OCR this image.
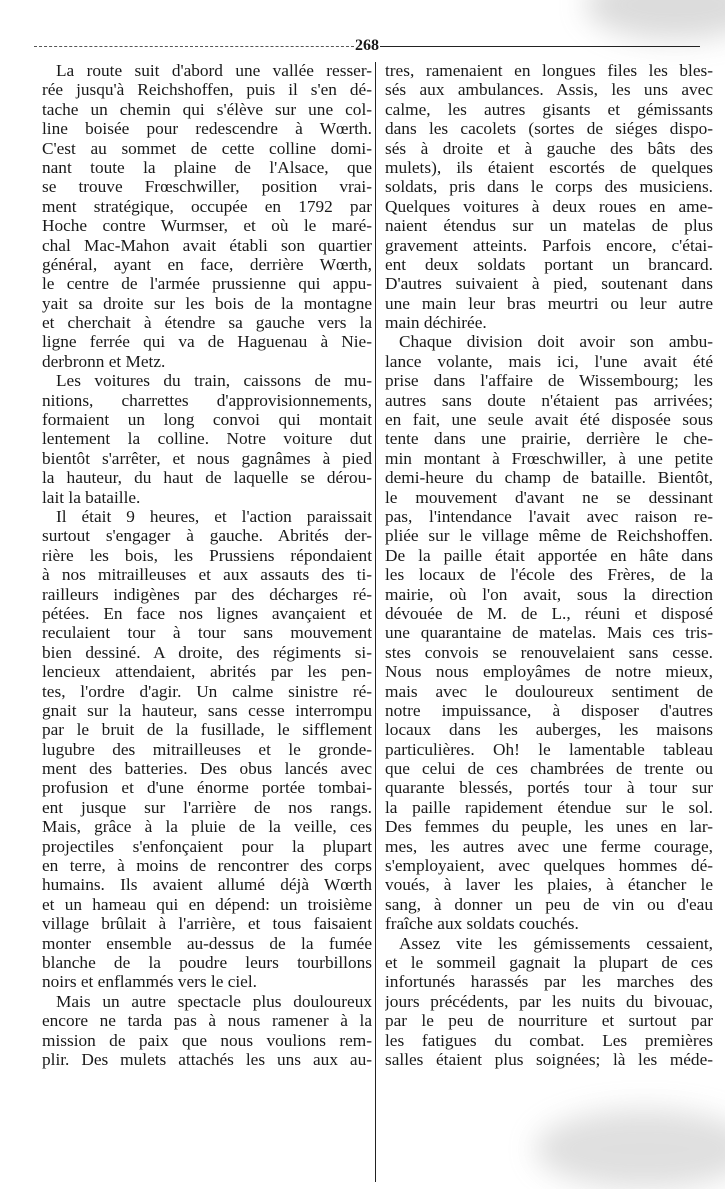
268
La route suit d'abord une vallée resser-
rée jusqu'à Reichshoffen, puis il s'en dé-
tache un chemin qui s'élève sur une col-
line boisée pour redescendre à Wœrth.
C'est au sommet de cette colline domi-
nant toute la plaine de l'Alsace, que
se trouve Frœschwiller, position vrai-
ment stratégique, occupée en 1792 par
Hoche contre Wurmser, et où le maré-
chal Mac-Mahon avait établi son quartier
général, ayant en face, derrière Wœrth,
le centre de l'armée prussienne qui appu-
yait sa droite sur les bois de la montagne
et cherchait à étendre sa gauche vers la
ligne ferrée qui va de Haguenau à Nie-
derbronn et Metz.
Les voitures du train, caissons de mu-
nitions, charrettes d'approvisionnements,
formaient un long convoi qui montait
lentement la colline. Notre voiture dut
bientôt s'arrêter, et nous gagnâmes à pied
la hauteur, du haut de laquelle se dérou-
lait la bataille.
Il était 9 heures, et l'action paraissait
surtout s'engager à gauche. Abrités der-
rière les bois, les Prussiens répondaient
à nos mitrailleuses et aux assauts des ti-
railleurs indigènes par des décharges ré-
pétées. En face nos lignes avançaient et
reculaient tour à tour sans mouvement
bien dessiné. A droite, des régiments si-
lencieux attendaient, abrités par les pen-
tes, l'ordre d'agir. Un calme sinistre ré-
gnait sur la hauteur, sans cesse interrompu
par le bruit de la fusillade, le sifflement
lugubre des mitrailleuses et le gronde-
ment des batteries. Des obus lancés avec
profusion et d'une énorme portée tombai-
ent jusque sur l'arrière de nos rangs.
Mais, grâce à la pluie de la veille, ces
projectiles s'enfonçaient pour la plupart
en terre, à moins de rencontrer des corps
humains. Ils avaient allumé déjà Wœrth
et un hameau qui en dépend: un troisième
village brûlait à l'arrière, et tous faisaient
monter ensemble au-dessus de la fumée
blanche de la poudre leurs tourbillons
noirs et enflammés vers le ciel.
Mais un autre spectacle plus douloureux
encore ne tarda pas à nous ramener à la
mission de paix que nous voulions rem-
plir. Des mulets attachés les uns aux au-
tres, ramenaient en longues files les bles-
sés aux ambulances. Assis, les uns avec
calme, les autres gisants et gémissants
dans les cacolets (sortes de siéges dispo-
sés à droite et à gauche des bâts des
mulets), ils étaient escortés de quelques
soldats, pris dans le corps des musiciens.
Quelques voitures à deux roues en ame-
naient étendus sur un matelas de plus
gravement atteints. Parfois encore, c'étai-
ent deux soldats portant un brancard.
D'autres suivaient à pied, soutenant dans
une main leur bras meurtri ou leur autre
main déchirée.
Chaque division doit avoir son ambu-
lance volante, mais ici, l'une avait été
prise dans l'affaire de Wissembourg; les
autres sans doute n'étaient pas arrivées;
en fait, une seule avait été disposée sous
tente dans une prairie, derrière le che-
min montant à Frœschwiller, à une petite
demi-heure du champ de bataille. Bientôt,
le mouvement d'avant ne se dessinant
pas, l'intendance l'avait avec raison re-
pliée sur le village même de Reichshoffen.
De la paille était apportée en hâte dans
les locaux de l'école des Frères, de la
mairie, où l'on avait, sous la direction
dévouée de M. de L., réuni et disposé
une quarantaine de matelas. Mais ces tris-
stes convois se renouvelaient sans cesse.
Nous nous employâmes de notre mieux,
mais avec le douloureux sentiment de
notre impuissance, à disposer d'autres
locaux dans les auberges, les maisons
particulières. Oh! le lamentable tableau
que celui de ces chambrées de trente ou
quarante blessés, portés tour à tour sur
la paille rapidement étendue sur le sol.
Des femmes du peuple, les unes en lar-
mes, les autres avec une ferme courage,
s'employaient, avec quelques hommes dé-
voués, à laver les plaies, à étancher le
sang, à donner un peu de vin ou d'eau
fraîche aux soldats couchés.
Assez vite les gémissements cessaient,
et le sommeil gagnait la plupart de ces
infortunés harassés par les marches des
jours précédents, par les nuits du bivouac,
par le peu de nourriture et surtout par
les fatigues du combat. Les premières
salles étaient plus soignées; là les méde-
